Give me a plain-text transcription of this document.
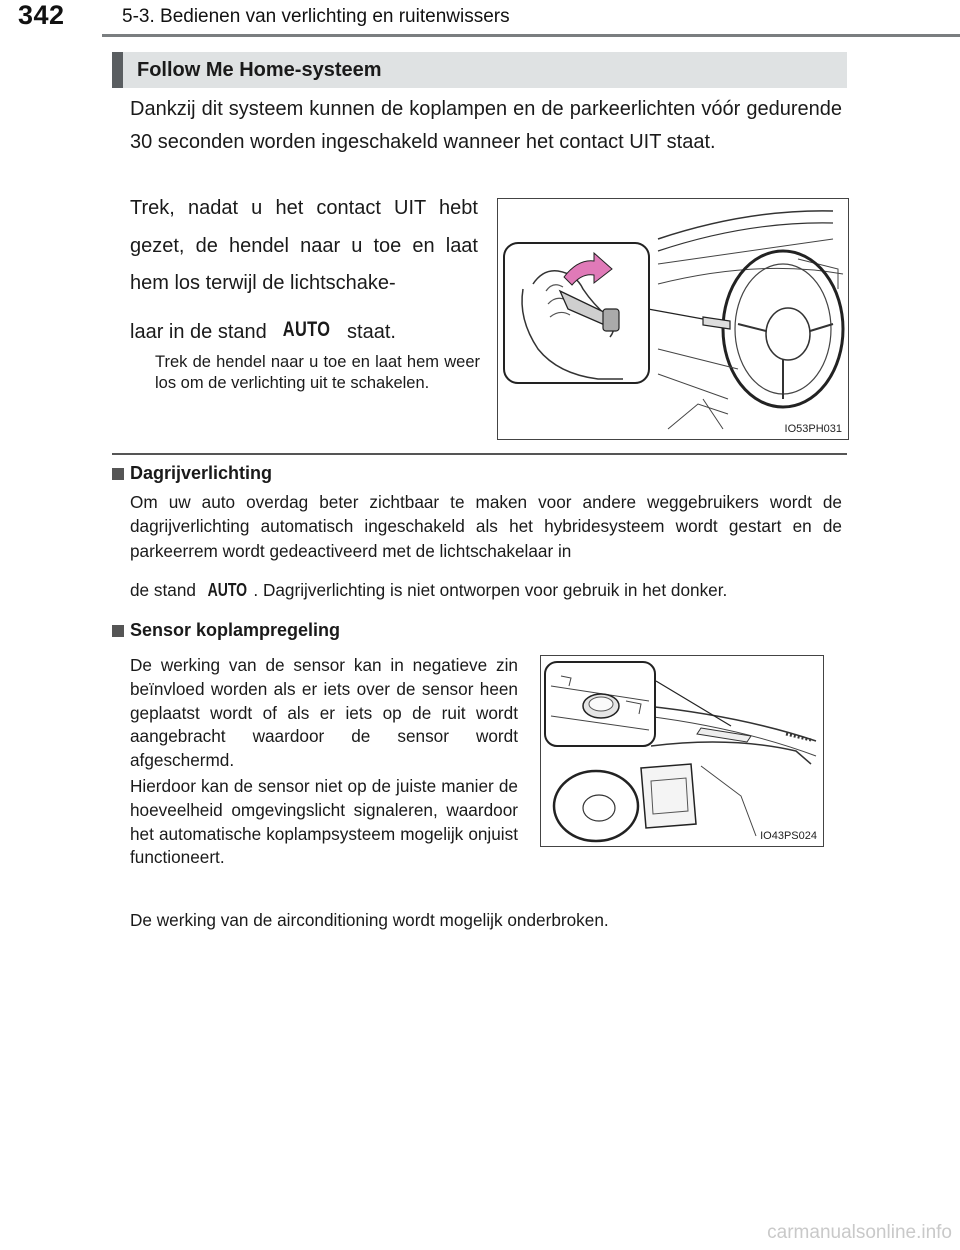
342	5-3. Bedienen van verlichting en ruitenwissers
Follow Me Home-systeem
Dankzij dit systeem kunnen de koplampen en de parkeerlichten vóór gedurende 30 seconden worden ingeschakeld wanneer het contact UIT staat.
Trek, nadat u het contact UIT hebt gezet, de hendel naar u toe en laat hem los terwijl de lichtschake-
laar in de stand AUTO staat.
Trek de hendel naar u toe en laat hem weer los om de verlichting uit te schakelen.
IO53PH031
Dagrijverlichting
Om uw auto overdag beter zichtbaar te maken voor andere weggebruikers wordt de dagrijverlichting automatisch ingeschakeld als het hybridesysteem wordt gestart en de parkeerrem wordt gedeactiveerd met de lichtschakelaar in
de stand AUTO . Dagrijverlichting is niet ontworpen voor gebruik in het donker.
Sensor koplampregeling
De werking van de sensor kan in negatieve zin beïnvloed worden als er iets over de sensor heen geplaatst wordt of als er iets op de ruit wordt aangebracht waardoor de sensor wordt afgeschermd.
Hierdoor kan de sensor niet op de juiste manier de hoeveelheid omgevingslicht signaleren, waardoor het automatische koplampsysteem mogelijk onjuist functioneert.
De werking van de airconditioning wordt mogelijk onderbroken.
IO43PS024
carmanualsonline.info
